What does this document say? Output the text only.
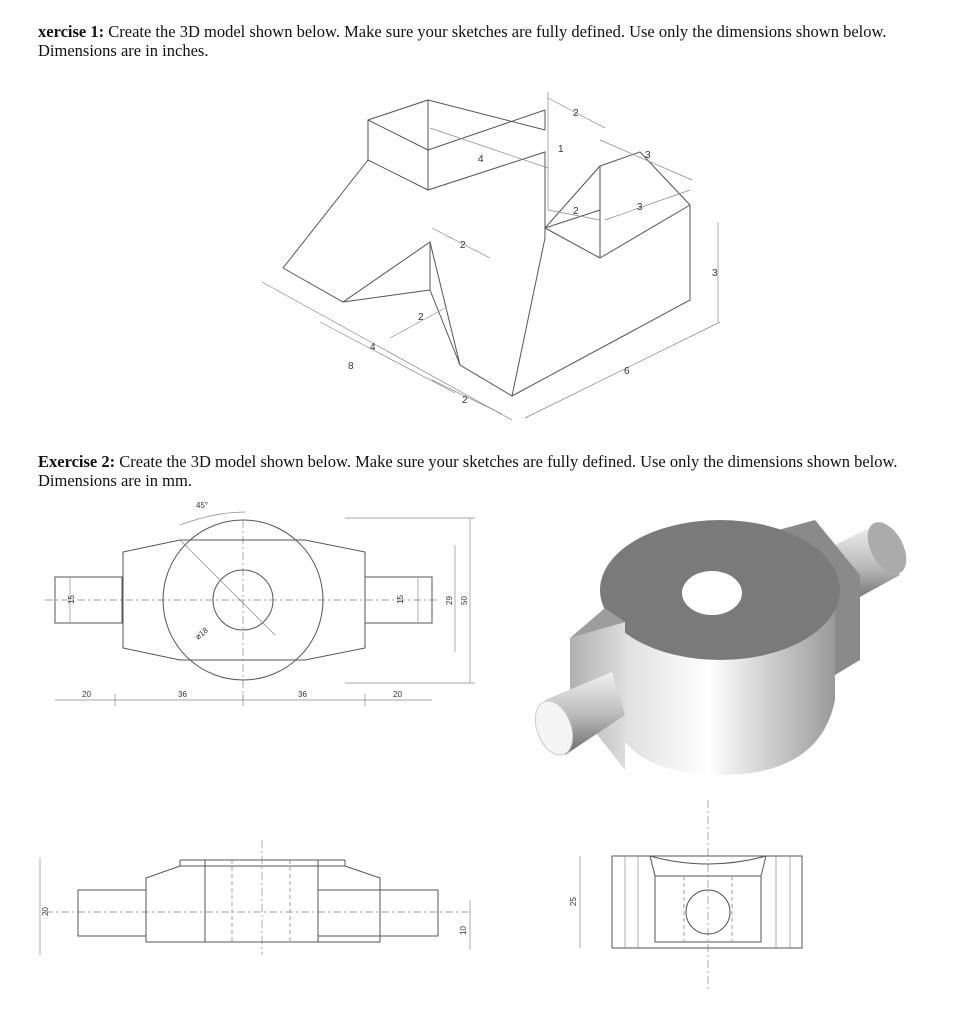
xercise 1: Create the 3D model shown below. Make sure your sketches are fully defined. Use only the dimensions shown below. Dimensions are in inches.

2
4
1
3
2	3
2
3
2
4
8
2
6

Exercise 2: Create the 3D model shown below. Make sure your sketches are fully defined. Use only the dimensions shown below. Dimensions are in mm.

45°
15	15
ø18
29 50
20	36	36	20
20
10
25
